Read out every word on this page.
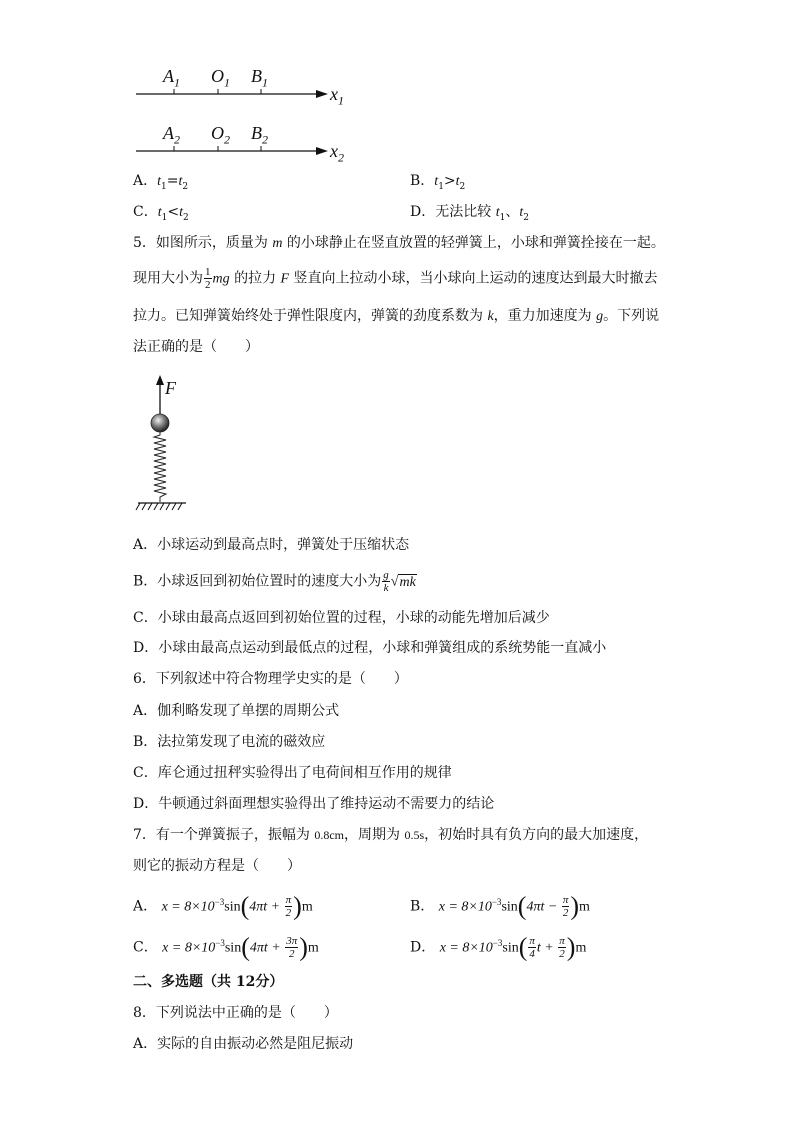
$A_1$ $O_1$ $B_1$
$x_1$
$A_2$ $O_2$ $B_2$
$x_2$
A．$t_1=t_2$	B．$t_1>t_2$
C．$t_1<t_2$	D．无法比较 $t_1$、$t_2$
5．如图所示，质量为 m 的小球静止在竖直放置的轻弹簧上，小球和弹簧拴接在一起。
现用大小为 $\frac{1}{2}$ mg 的拉力 F 竖直向上拉动小球，当小球向上运动的速度达到最大时撤去
拉力。已知弹簧始终处于弹性限度内，弹簧的劲度系数为 k，重力加速度为 g。下列说
法正确的是（　　）
F
A．小球运动到最高点时，弹簧处于压缩状态
B．小球返回到初始位置时的速度大小为 $\frac{g}{k} √mk$
C．小球由最高点返回到初始位置的过程，小球的动能先增加后减少
D．小球由最高点运动到最低点的过程，小球和弹簧组成的系统势能一直减小
6．下列叙述中符合物理学史实的是（　　）
A．伽利略发现了单摆的周期公式
B．法拉第发现了电流的磁效应
C．库仑通过扭秤实验得出了电荷间相互作用的规律
D．牛顿通过斜面理想实验得出了维持运动不需要力的结论
7．有一个弹簧振子，振幅为 0.8cm，周期为 0.5s，初始时具有负方向的最大加速度，
则它的振动方程是（　　）
A． $x = 8\times 10^{-3}\sin(4\pi t + \frac{\pi}{2} )m$	B． $x = 8\times 10^{-3}\sin(4\pi t - \frac{\pi}{2} )m$
C． $x = 8\times 10^{-3}\sin(4\pi t + \frac{3\pi}{2} )m$	D． $x = 8\times 10^{-3}\sin( \frac{\pi}{4}$ $t + \frac{\pi}{2} )m$
二、多选题（共 12分）
8．下列说法中正确的是（　　）
A．实际的自由振动必然是阻尼振动
